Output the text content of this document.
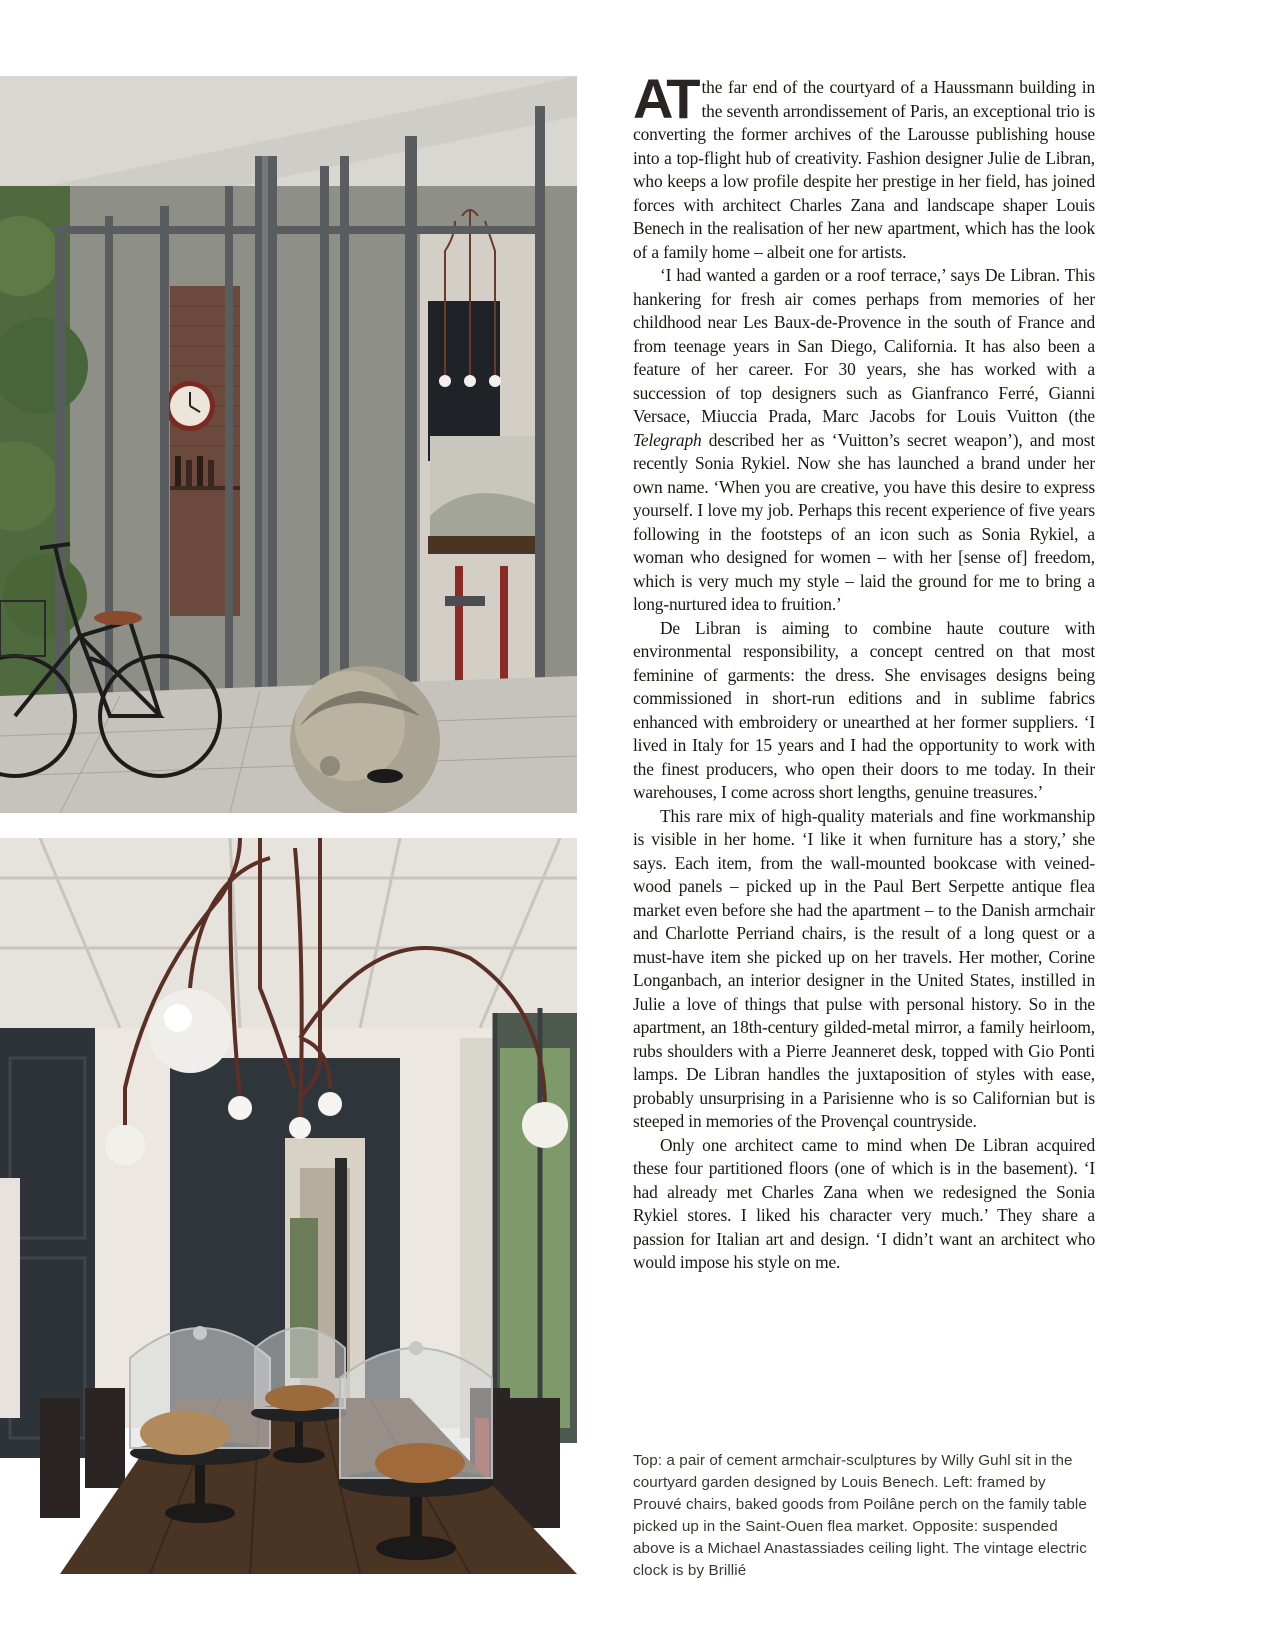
AT the far end of the courtyard of a Haussmann building in the seventh arrondissement of Paris, an exceptional trio is converting the former archives of the Larousse publishing house into a top-flight hub of creativity. Fashion designer Julie de Libran, who keeps a low profile despite her prestige in her field, has joined forces with architect Charles Zana and landscape shaper Louis Benech in the realisation of her new apartment, which has the look of a family home – albeit one for artists.

‘I had wanted a garden or a roof terrace,’ says De Libran. This hankering for fresh air comes perhaps from memories of her childhood near Les Baux-de-Provence in the south of France and from teenage years in San Diego, California. It has also been a feature of her career. For 30 years, she has worked with a succession of top designers such as Gianfranco Ferré, Gianni Versace, Miuccia Prada, Marc Jacobs for Louis Vuitton (the Telegraph described her as ‘Vuitton’s secret weapon’), and most recently Sonia Rykiel. Now she has launched a brand under her own name. ‘When you are creative, you have this desire to express yourself. I love my job. Perhaps this recent experience of five years following in the footsteps of an icon such as Sonia Rykiel, a woman who designed for women – with her [sense of] freedom, which is very much my style – laid the ground for me to bring a long-nurtured idea to fruition.’

De Libran is aiming to combine haute couture with environmental responsibility, a concept centred on that most feminine of garments: the dress. She envisages designs being commissioned in short-run editions and in sublime fabrics enhanced with embroidery or unearthed at her former suppliers. ‘I lived in Italy for 15 years and I had the opportunity to work with the finest producers, who open their doors to me today. In their warehouses, I come across short lengths, genuine treasures.’

This rare mix of high-quality materials and fine workmanship is visible in her home. ‘I like it when furniture has a story,’ she says. Each item, from the wall-mounted bookcase with veined-wood panels – picked up in the Paul Bert Serpette antique flea market even before she had the apartment – to the Danish armchair and Charlotte Perriand chairs, is the result of a long quest or a must-have item she picked up on her travels. Her mother, Corine Longanbach, an interior designer in the United States, instilled in Julie a love of things that pulse with personal history. So in the apartment, an 18th-century gilded-metal mirror, a family heirloom, rubs shoulders with a Pierre Jeanneret desk, topped with Gio Ponti lamps. De Libran handles the juxtaposition of styles with ease, probably unsurprising in a Parisienne who is so Californian but is steeped in memories of the Provençal countryside.

Only one architect came to mind when De Libran acquired these four partitioned floors (one of which is in the basement). ‘I had already met Charles Zana when we redesigned the Sonia Rykiel stores. I liked his character very much.’ They share a passion for Italian art and design. ‘I didn’t want an architect who would impose his style on me.

Top: a pair of cement armchair-sculptures by Willy Guhl sit in the courtyard garden designed by Louis Benech. Left: framed by Prouvé chairs, baked goods from Poilâne perch on the family table picked up in the Saint-Ouen flea market. Opposite: suspended above is a Michael Anastassiades ceiling light. The vintage electric clock is by Brillié
